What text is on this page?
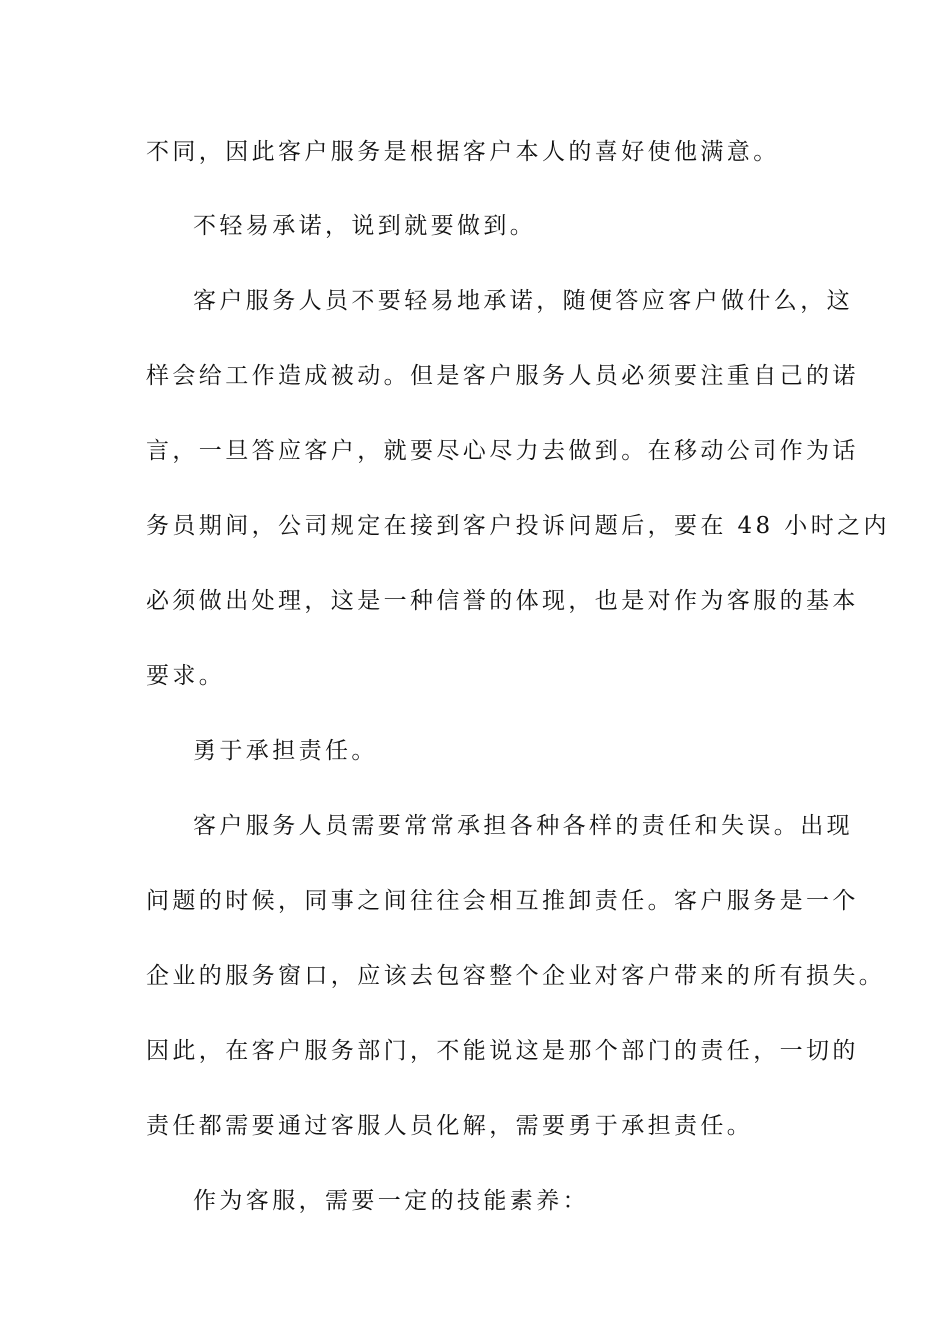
不同，因此客户服务是根据客户本人的喜好使他满意。
不轻易承诺，说到就要做到。
客户服务人员不要轻易地承诺，随便答应客户做什么，这
样会给工作造成被动。但是客户服务人员必须要注重自己的诺
言，一旦答应客户，就要尽心尽力去做到。在移动公司作为话
务员期间，公司规定在接到客户投诉问题后，要在 48 小时之内
必须做出处理，这是一种信誉的体现，也是对作为客服的基本
要求。
勇于承担责任。
客户服务人员需要常常承担各种各样的责任和失误。出现
问题的时候，同事之间往往会相互推卸责任。客户服务是一个
企业的服务窗口，应该去包容整个企业对客户带来的所有损失。
因此，在客户服务部门，不能说这是那个部门的责任，一切的
责任都需要通过客服人员化解，需要勇于承担责任。
作为客服，需要一定的技能素养：
